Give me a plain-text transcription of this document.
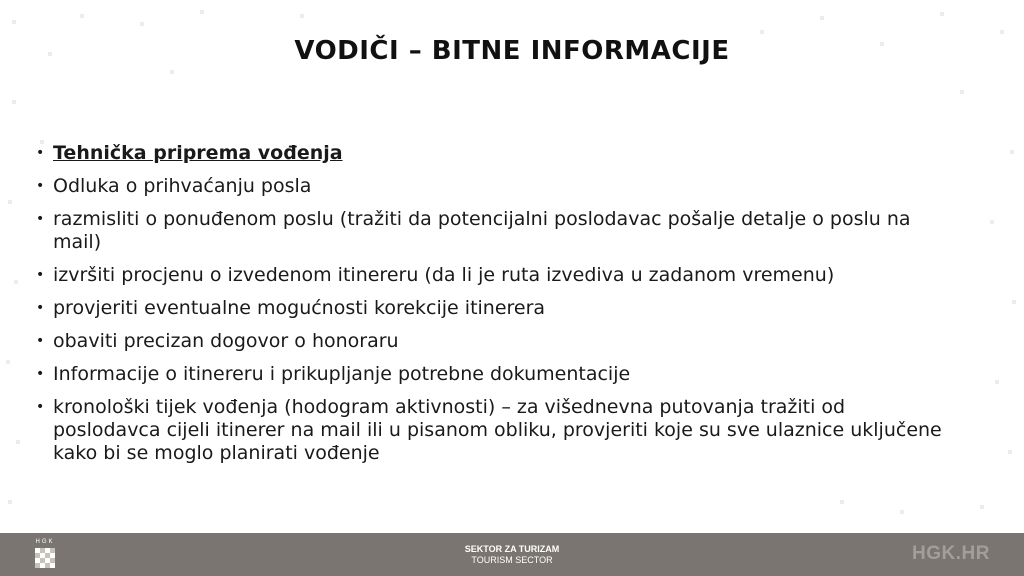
VODIČI – BITNE INFORMACIJE
• Tehnička priprema vođenja
• Odluka o prihvaćanju posla
• razmisliti o ponuđenom poslu (tražiti da potencijalni poslodavac pošalje detalje o poslu na mail)
• izvršiti procjenu o izvedenom itinereru (da li je ruta izvediva u zadanom vremenu)
• provjeriti eventualne mogućnosti korekcije itinerera
• obaviti precizan dogovor o honoraru
• Informacije o itinereru i prikupljanje potrebne dokumentacije
• kronološki tijek vođenja (hodogram aktivnosti) – za višednevna putovanja tražiti od poslodavca cijeli itinerer na mail ili u pisanom obliku, provjeriti koje su sve ulaznice uključene kako bi se moglo planirati vođenje
HGK
SEKTOR ZA TURIZAM
TOURISM SECTOR	HGK.HR
